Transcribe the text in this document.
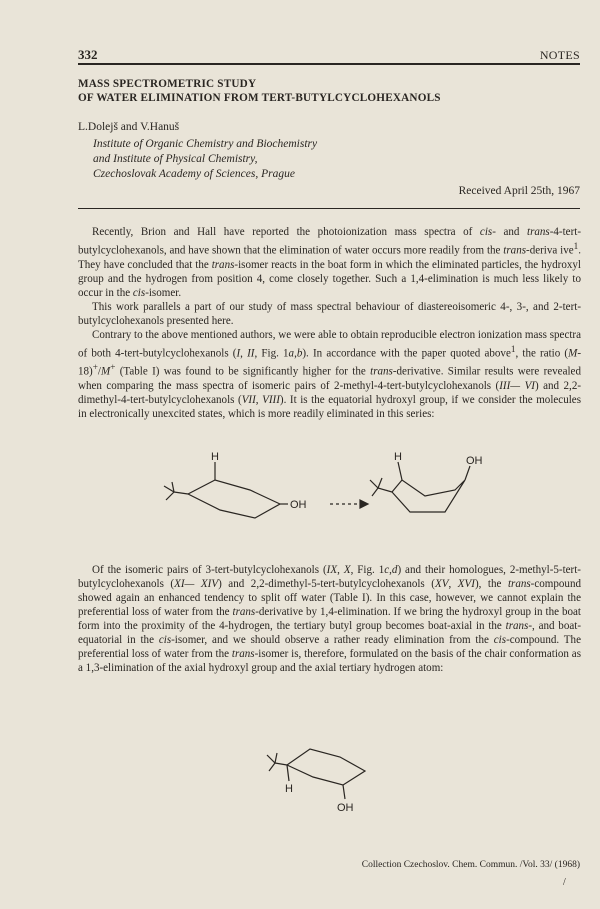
332	NOTES
MASS SPECTROMETRIC STUDY
OF WATER ELIMINATION FROM TERT-BUTYLCYCLOHEXANOLS
L.Dolejš and V.Hanuš
Institute of Organic Chemistry and Biochemistry
and Institute of Physical Chemistry,
Czechoslovak Academy of Sciences, Prague
Received April 25th, 1967

Recently, Brion and Hall have reported the photoionization mass spectra of cis- and trans-4-tert-butylcyclohexanols, and have shown that the elimination of water occurs more readily from the trans-deriva ive$^1$. They have concluded that the trans-isomer reacts in the boat form in which the eliminated particles, the hydroxyl group and the hydrogen from position 4, come closely together. Such a 1,4-elimination is much less likely to occur in the cis-isomer.

This work parallels a part of our study of mass spectral behaviour of diastereoisomeric 4-, 3-, and 2-tert-butylcyclohexanols presented here.

Contrary to the above mentioned authors, we were able to obtain reproducible electron ionization mass spectra of both 4-tert-butylcyclohexanols (I, II, Fig. 1a,b). In accordance with the paper quoted above$^1$, the ratio (M-18)+/M+ (Table I) was found to be significantly higher for the trans-derivative. Similar results were revealed when comparing the mass spectra of isomeric pairs of 2-methyl-4-tert-butylcyclohexanols (III— VI) and 2,2-dimethyl-4-tert-butylcyclohexanols (VII, VIII). It is the equatorial hydroxyl group, if we consider the molecules in electronically unexcited states, which is more readily eliminated in this series:

H
OH
H	OH

Of the isomeric pairs of 3-tert-butylcyclohexanols (IX, X, Fig. 1c,d) and their homologues, 2-methyl-5-tert-butylcyclohexanols (XI— XIV) and 2,2-dimethyl-5-tert-butylcyclohexanols (XV, XVI), the trans-compound showed again an enhanced tendency to split off water (Table I). In this case, however, we cannot explain the preferential loss of water from the trans-derivative by 1,4-elimination. If we bring the hydroxyl group in the boat form into the proximity of the 4-hydrogen, the tertiary butyl group becomes boat-axial in the trans-, and boat-equatorial in the cis-isomer, and we should observe a rather ready elimination from the cis-compound. The preferential loss of water from the trans-isomer is, therefore, formulated on the basis of the chair conformation as a 1,3-elimination of the axial hydroxyl group and the axial tertiary hydrogen atom:

H
OH
Collection Czechoslov. Chem. Commun. /Vol. 33/ (1968)
/
